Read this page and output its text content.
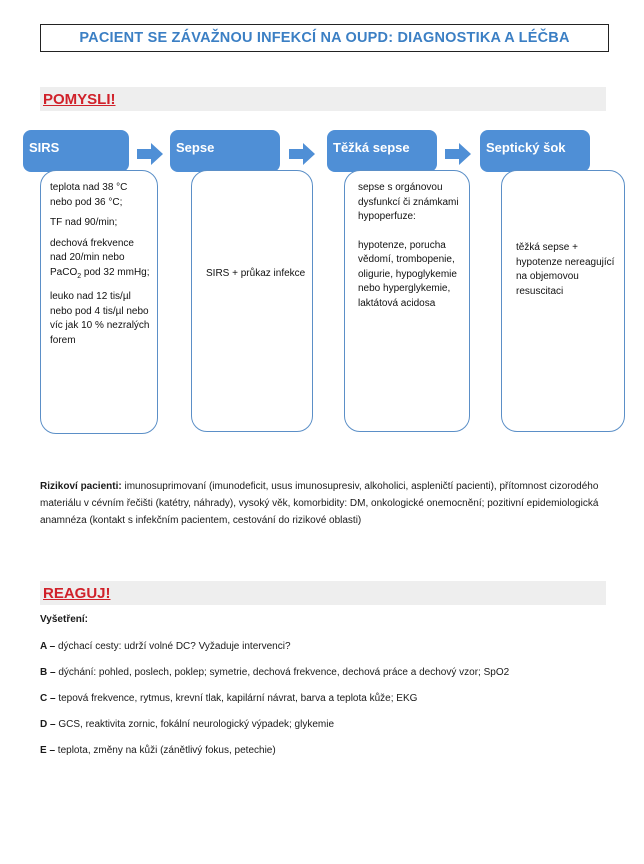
PACIENT SE ZÁVAŽNOU INFEKCÍ NA OUPD: DIAGNOSTIKA A LÉČBA
POMYSLI!
SIRS

teplota nad 38 °C nebo pod 36 °C;

TF nad 90/min;

dechová frekvence nad 20/min nebo PaCO$_2$ pod 32 mmHg;

leuko nad 12 tis/µl nebo pod 4 tis/µl nebo víc jak 10 % nezralých forem

Sepse

SIRS + průkaz infekce

Těžká sepse

sepse s orgánovou dysfunkcí či známkami hypoperfuze:

hypotenze, porucha vědomí, trombopenie, oligurie, hypoglykemie nebo hyperglykemie, laktátová acidosa

Septický šok

těžká sepse + hypotenze nereagující na objemovou resuscitaci

Rizikoví pacienti: imunosuprimovaní (imunodeficit, usus imunosupresiv, alkoholici, aspleničtí pacienti), přítomnost cizorodého materiálu v cévním řečišti (katétry, náhrady), vysoký věk, komorbidity: DM, onkologické onemocnění; pozitivní epidemiologická anamnéza (kontakt s infekčním pacientem, cestování do rizikové oblasti)
REAGUJ!
Vyšetření:
A – dýchací cesty: udrží volné DC? Vyžaduje intervenci?
B – dýchání: pohled, poslech, poklep; symetrie, dechová frekvence, dechová práce a dechový vzor; SpO2
C – tepová frekvence, rytmus, krevní tlak, kapilární návrat, barva a teplota kůže; EKG
D – GCS, reaktivita zornic, fokální neurologický výpadek; glykemie
E – teplota, změny na kůži (zánětlivý fokus, petechie)
